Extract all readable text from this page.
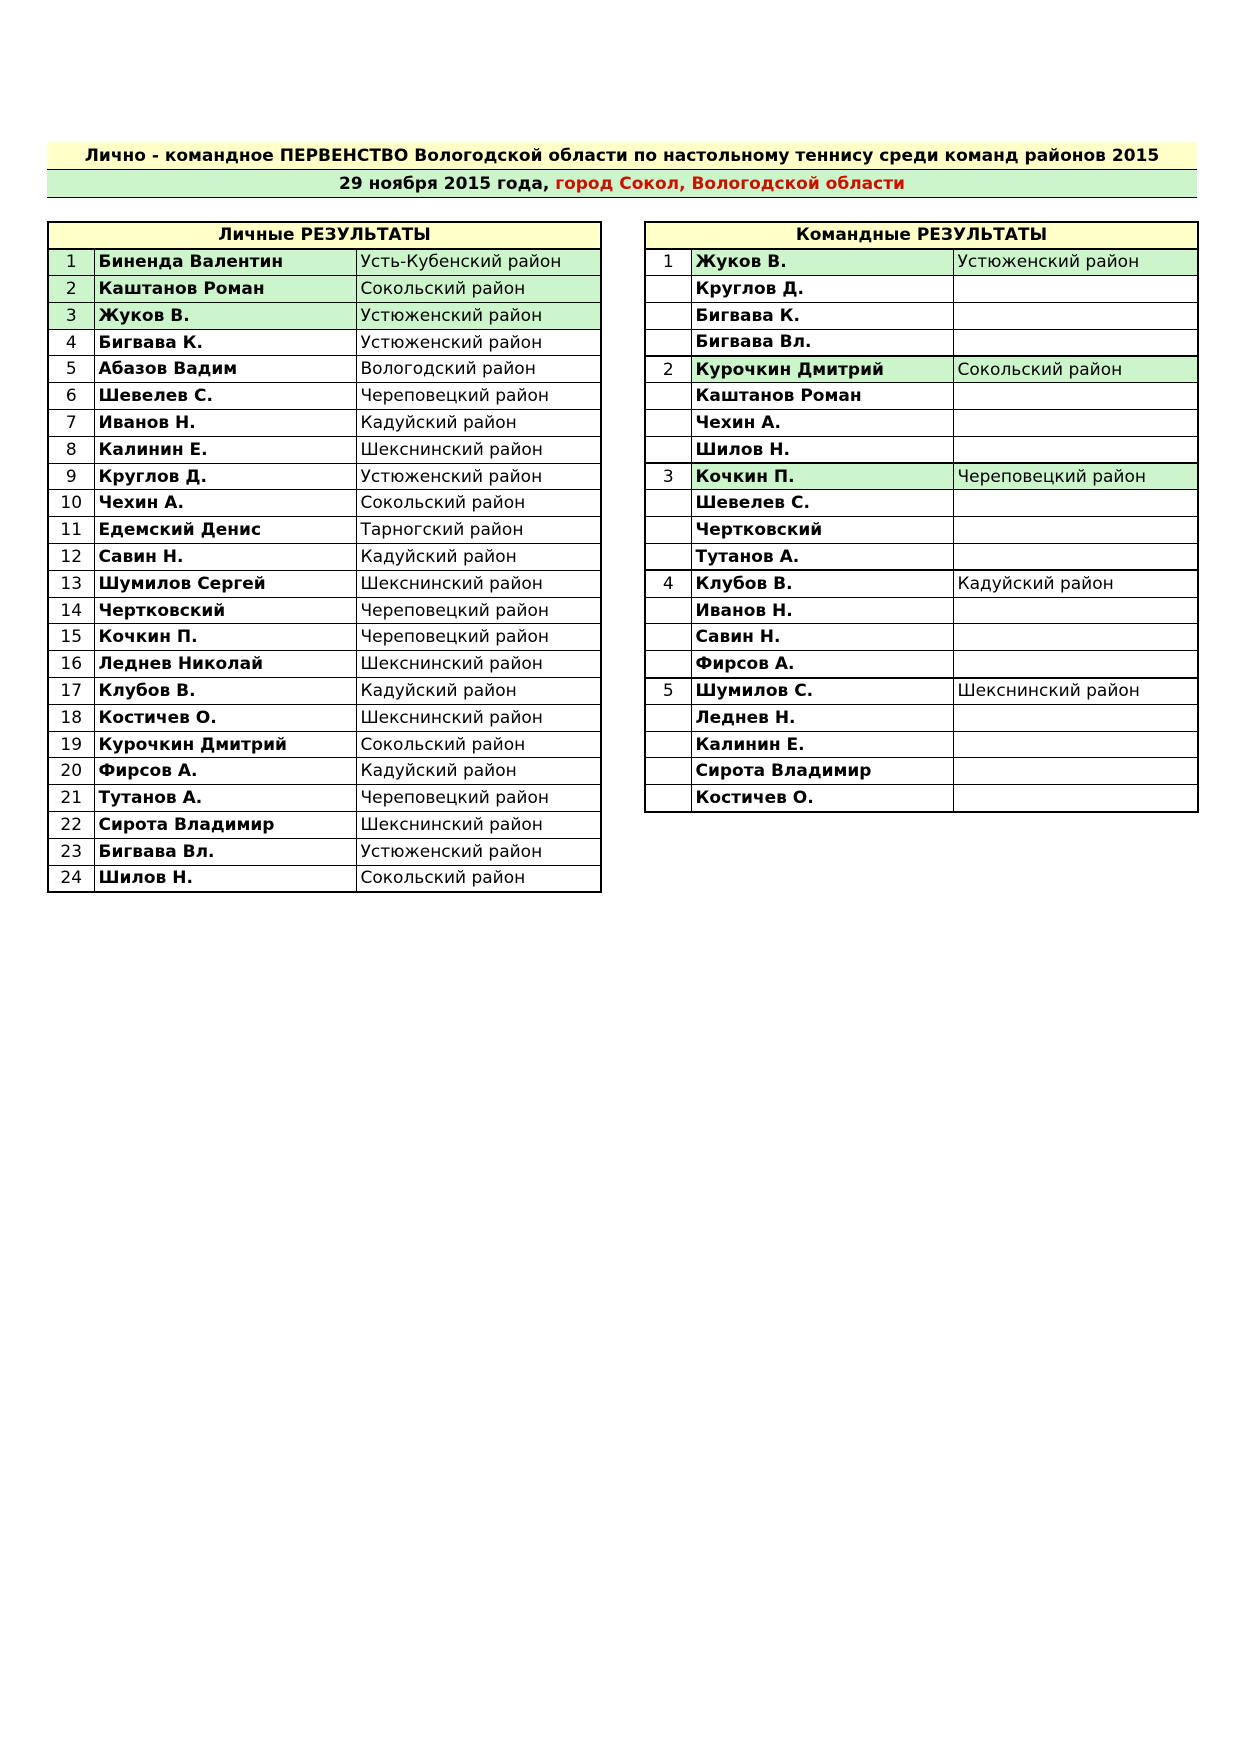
Лично - командное ПЕРВЕНСТВО Вологодской области по настольному теннису среди команд районов 2015
29 ноября 2015 года ,
город Сокол, Вологодской области
Личные РЕЗУЛЬТАТЫ		
1	Биненда Валентин	Усть-Кубенский район
2	Каштанов Роман	Сокольский район
3	Жуков В.	Устюженский район
4	Бигвава К.	Устюженский район
5	Абазов Вадим	Вологодский район
6	Шевелев С.	Череповецкий район
7	Иванов Н.	Кадуйский район
8	Калинин Е.	Шекснинский район
9	Круглов Д.	Устюженский район
10	Чехин А.	Сокольский район
11	Едемский Денис	Тарногский район
12	Савин Н.	Кадуйский район
13	Шумилов Сергей	Шекснинский район
14	Чертковский	Череповецкий район
15	Кочкин П.	Череповецкий район
16	Леднев Николай	Шекснинский район
17	Клубов В.	Кадуйский район
18	Костичев О.	Шекснинский район
19	Курочкин Дмитрий	Сокольский район
20	Фирсов А.	Кадуйский район
21	Тутанов А.	Череповецкий район
22	Сирота Владимир	Шекснинский район
23	Бигвава Вл.	Устюженский район
24	Шилов Н.	Сокольский район
Командные РЕЗУЛЬТАТЫ		
1	Жуков В.	Устюженский район
	Круглов Д.	
	Бигвава К.	
	Бигвава Вл.	
2	Курочкин Дмитрий	Сокольский район
	Каштанов Роман	
	Чехин А.	
	Шилов Н.	
3	Кочкин П.	Череповецкий район
	Шевелев С.	
	Чертковский	
	Тутанов А.	
4	Клубов В.	Кадуйский район
	Иванов Н.	
	Савин Н.	
	Фирсов А.	
5	Шумилов С.	Шекснинский район
	Леднев Н.	
	Калинин Е.	
	Сирота Владимир	
	Костичев О.	
